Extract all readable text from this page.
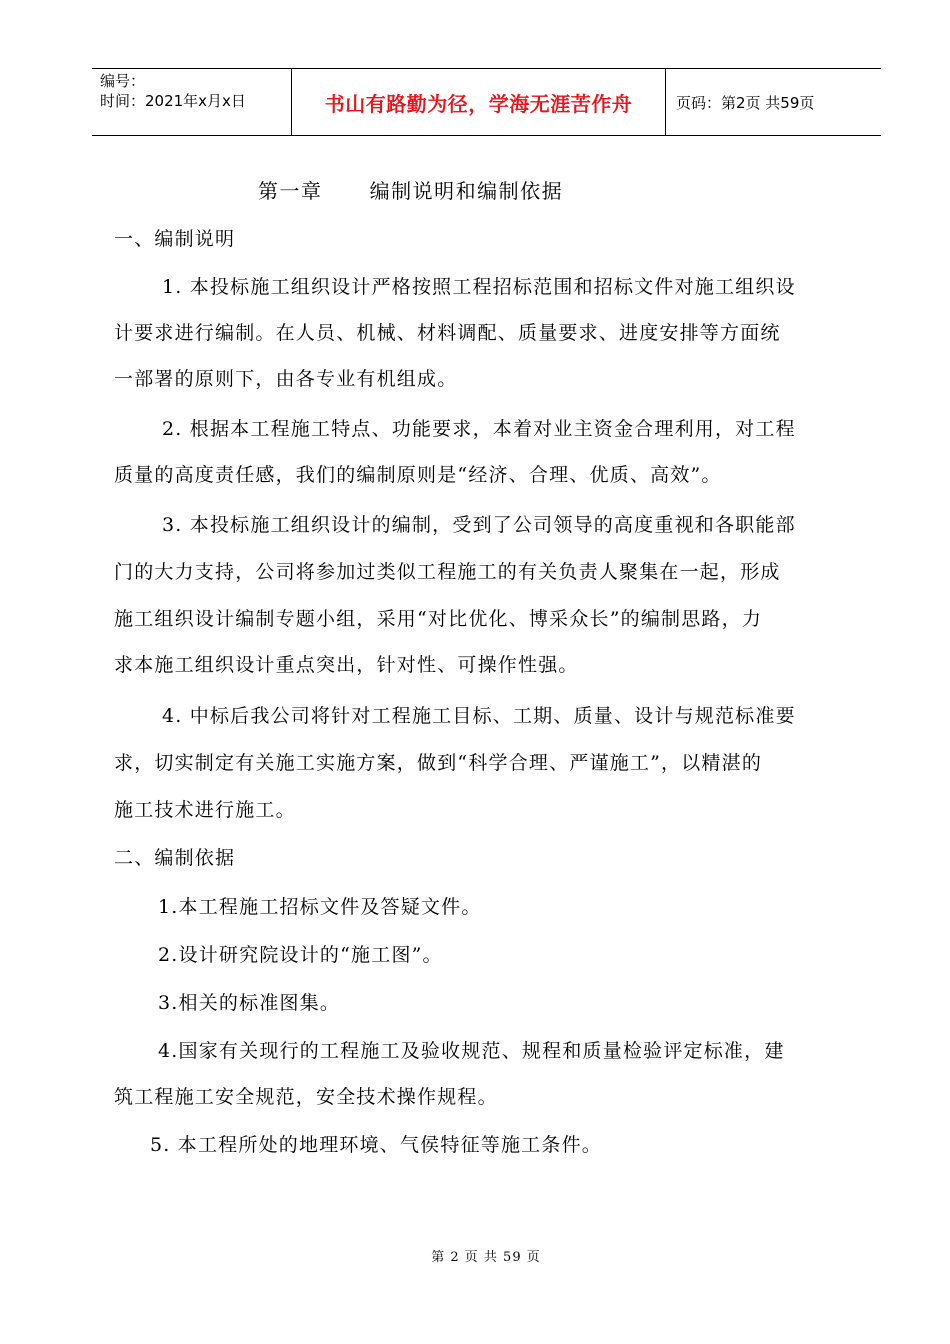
编号：
时间：2021年x月x日	书山有路勤为径，学海无涯苦作舟	页码：第2页 共59页
第一章      编制说明和编制依据
一、编制说明
1. 本投标施工组织设计严格按照工程招标范围和招标文件对施工组织设
计要求进行编制。在人员、机械、材料调配、质量要求、进度安排等方面统
一部署的原则下，由各专业有机组成。
2. 根据本工程施工特点、功能要求，本着对业主资金合理利用，对工程
质量的高度责任感，我们的编制原则是“经济、合理、优质、高效”。
3. 本投标施工组织设计的编制，受到了公司领导的高度重视和各职能部
门的大力支持，公司将参加过类似工程施工的有关负责人聚集在一起，形成
施工组织设计编制专题小组，采用“对比优化、博采众长”的编制思路，力
求本施工组织设计重点突出，针对性、可操作性强。
4. 中标后我公司将针对工程施工目标、工期、质量、设计与规范标准要
求，切实制定有关施工实施方案，做到“科学合理、严谨施工”，以精湛的
施工技术进行施工。
二、编制依据
1.本工程施工招标文件及答疑文件。
2.设计研究院设计的“施工图”。
3.相关的标准图集。
4.国家有关现行的工程施工及验收规范、规程和质量检验评定标准，建
筑工程施工安全规范，安全技术操作规程。
5. 本工程所处的地理环境、气侯特征等施工条件。
第 2 页 共 59 页
